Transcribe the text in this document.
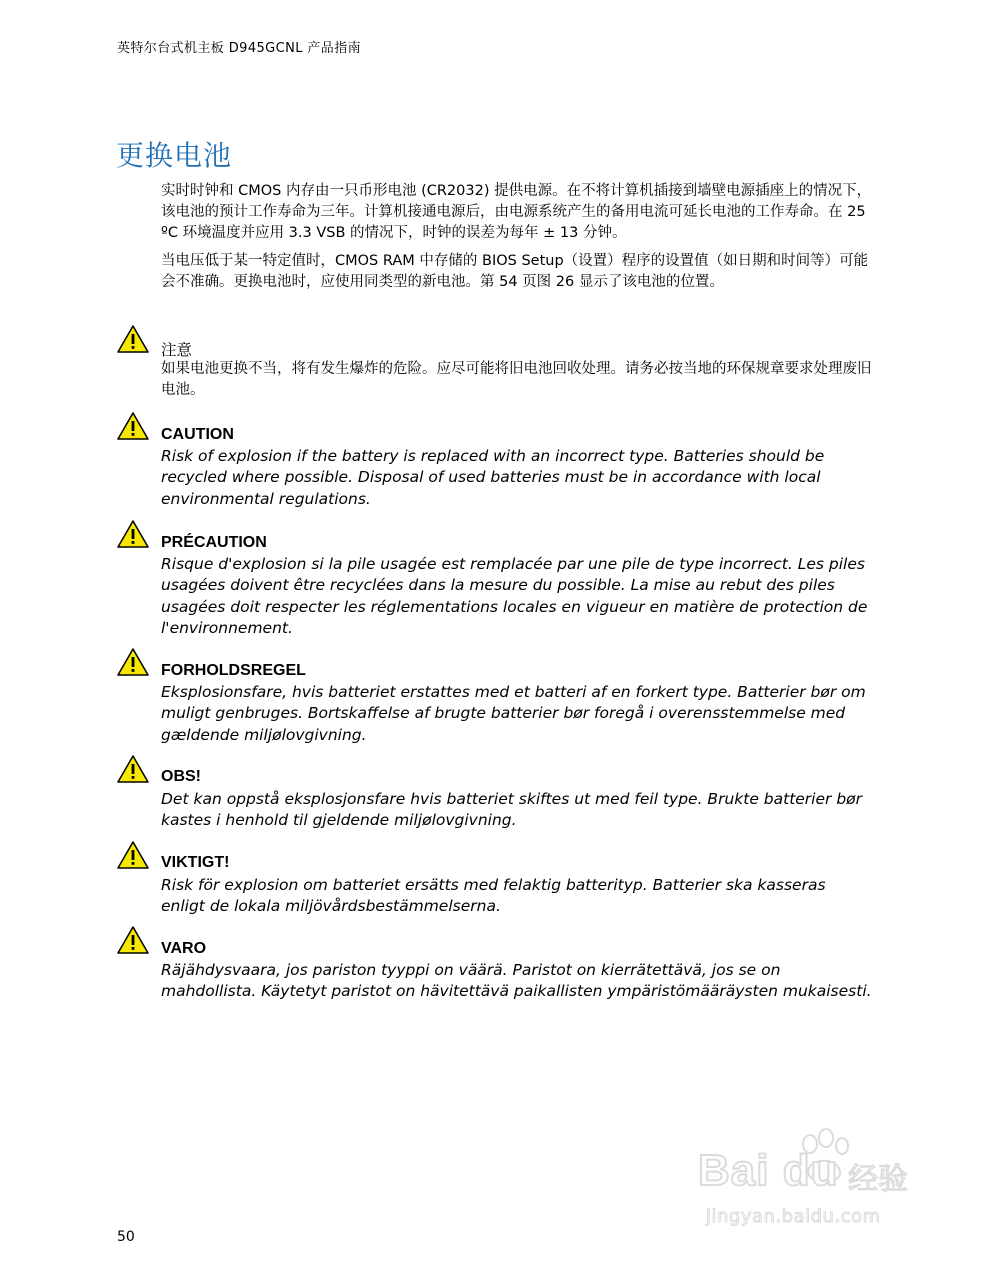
英特尔台式机主板 D945GCNL 产品指南
更换电池
实时时钟和 CMOS 内存由一只币形电池 (CR2032) 提供电源。在不将计算机插接到墙壁电源插座上的情况下，该电池的预计工作寿命为三年。计算机接通电源后，由电源系统产生的备用电流可延长电池的工作寿命。在 25 ºC 环境温度并应用 3.3 VSB 的情况下，时钟的误差为每年 ± 13 分钟。
当电压低于某一特定值时，CMOS RAM 中存储的 BIOS Setup（设置）程序的设置值（如日期和时间等）可能会不准确。更换电池时，应使用同类型的新电池。第 54 页图 26 显示了该电池的位置。
注意
如果电池更换不当，将有发生爆炸的危险。应尽可能将旧电池回收处理。请务必按当地的环保规章要求处理废旧电池。
CAUTION
Risk of explosion if the battery is replaced with an incorrect type. Batteries should be recycled where possible. Disposal of used batteries must be in accordance with local environmental regulations.
PRÉCAUTION
Risque d'explosion si la pile usagée est remplacée par une pile de type incorrect. Les piles usagées doivent être recyclées dans la mesure du possible. La mise au rebut des piles usagées doit respecter les réglementations locales en vigueur en matière de protection de l'environnement.
FORHOLDSREGEL
Eksplosionsfare, hvis batteriet erstattes med et batteri af en forkert type. Batterier bør om muligt genbruges. Bortskaffelse af brugte batterier bør foregå i overensstemmelse med gældende miljølovgivning.
OBS!
Det kan oppstå eksplosjonsfare hvis batteriet skiftes ut med feil type. Brukte batterier bør kastes i henhold til gjeldende miljølovgivning.
VIKTIGT!
Risk för explosion om batteriet ersätts med felaktig batterityp. Batterier ska kasseras enligt de lokala miljövårdsbestämmelserna.
VARO
Räjähdysvaara, jos pariston tyyppi on väärä. Paristot on kierrätettävä, jos se on mahdollista. Käytetyt paristot on hävitettävä paikallisten ympäristömääräysten mukaisesti.
50
Bai du 经验
jingyan.baidu.com
